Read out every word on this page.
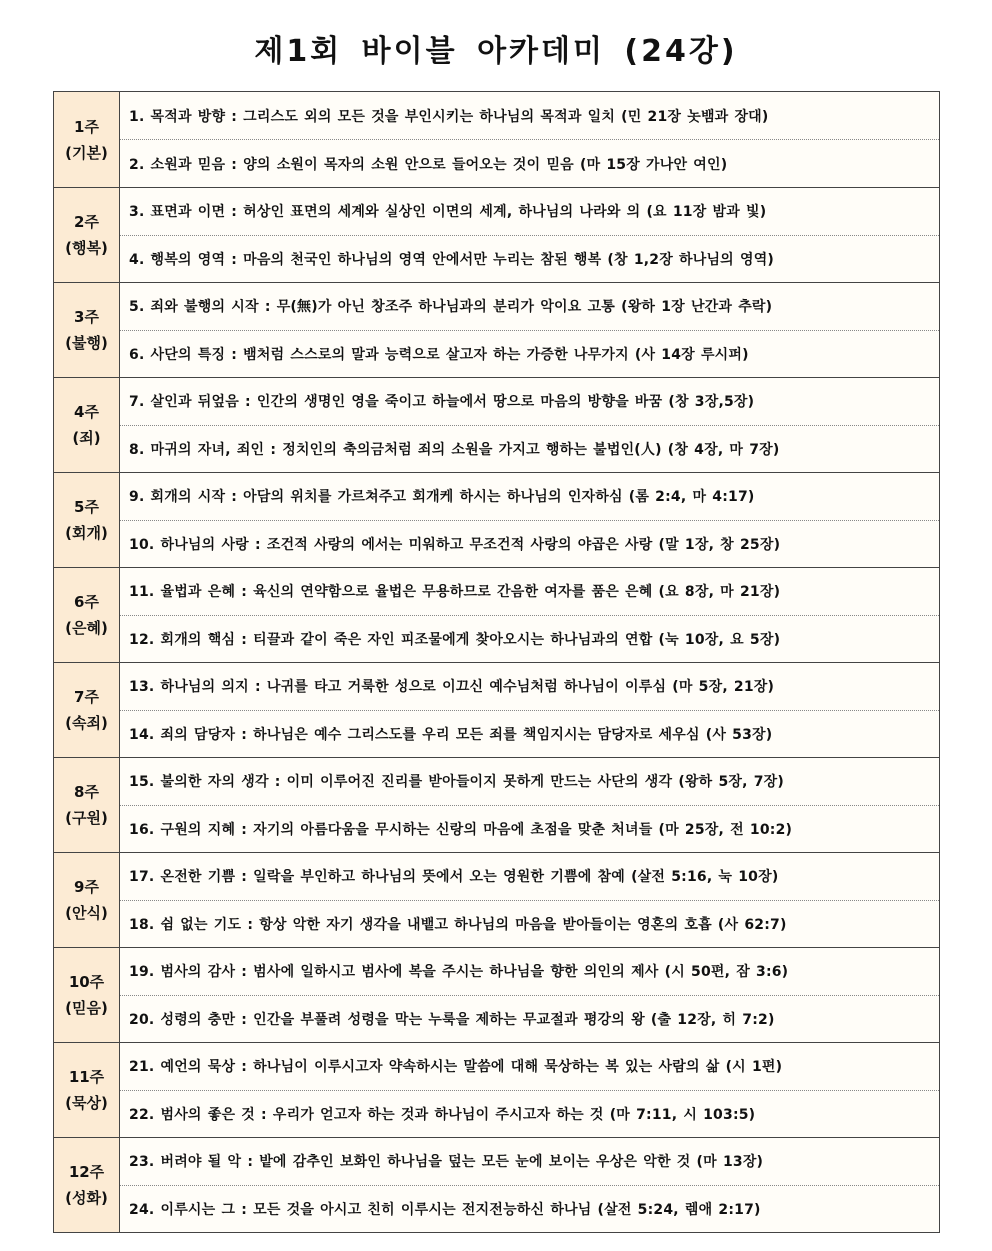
제1회 바이블 아카데미 (24강)
1주
(기본)
1. 목적과 방향 : 그리스도 외의 모든 것을 부인시키는 하나님의 목적과 일치 (민 21장 놋뱀과 장대)
2. 소원과 믿음 : 양의 소원이 목자의 소원 안으로 들어오는 것이 믿음 (마 15장 가나안 여인)
2주
(행복)
3. 표면과 이면 : 허상인 표면의 세계와 실상인 이면의 세계, 하나님의 나라와 의 (요 11장 밤과 빛)
4. 행복의 영역 : 마음의 천국인 하나님의 영역 안에서만 누리는 참된 행복 (창 1,2장 하나님의 영역)
3주
(불행)
5. 죄와 불행의 시작 : 무(無)가 아닌 창조주 하나님과의 분리가 악이요 고통 (왕하 1장 난간과 추락)
6. 사단의 특징 : 뱀처럼 스스로의 말과 능력으로 살고자 하는 가증한 나무가지 (사 14장 루시퍼)
4주
(죄)
7. 살인과 뒤엎음 : 인간의 생명인 영을 죽이고 하늘에서 땅으로 마음의 방향을 바꿈 (창 3장,5장)
8. 마귀의 자녀, 죄인 : 정치인의 축의금처럼 죄의 소원을 가지고 행하는 불법인(人) (창 4장, 마 7장)
5주
(회개)
9. 회개의 시작 : 아담의 위치를 가르쳐주고 회개케 하시는 하나님의 인자하심 (롬 2:4, 마 4:17)
10. 하나님의 사랑 : 조건적 사랑의 에서는 미워하고 무조건적 사랑의 야곱은 사랑 (말 1장, 창 25장)
6주
(은혜)
11. 율법과 은혜 : 육신의 연약함으로 율법은 무용하므로 간음한 여자를 품은 은혜 (요 8장, 마 21장)
12. 회개의 핵심 : 티끌과 같이 죽은 자인 피조물에게 찾아오시는 하나님과의 연합 (눅 10장, 요 5장)
7주
(속죄)
13. 하나님의 의지 : 나귀를 타고 거룩한 성으로 이끄신 예수님처럼 하나님이 이루심 (마 5장, 21장)
14. 죄의 담당자 : 하나님은 예수 그리스도를 우리 모든 죄를 책임지시는 담당자로 세우심 (사 53장)
8주
(구원)
15. 불의한 자의 생각 : 이미 이루어진 진리를 받아들이지 못하게 만드는 사단의 생각 (왕하 5장, 7장)
16. 구원의 지혜 : 자기의 아름다움을 무시하는 신랑의 마음에 초점을 맞춘 처녀들 (마 25장, 전 10:2)
9주
(안식)
17. 온전한 기쁨 : 일락을 부인하고 하나님의 뜻에서 오는 영원한 기쁨에 참예 (살전 5:16, 눅 10장)
18. 쉼 없는 기도 : 항상 악한 자기 생각을 내뱉고 하나님의 마음을 받아들이는 영혼의 호흡 (사 62:7)
10주
(믿음)
19. 범사의 감사 : 범사에 일하시고 범사에 복을 주시는 하나님을 향한 의인의 제사 (시 50편, 잠 3:6)
20. 성령의 충만 : 인간을 부풀려 성령을 막는 누룩을 제하는 무교절과 평강의 왕 (출 12장, 히 7:2)
11주
(묵상)
21. 예언의 묵상 : 하나님이 이루시고자 약속하시는 말씀에 대해 묵상하는 복 있는 사람의 삶 (시 1편)
22. 범사의 좋은 것 : 우리가 얻고자 하는 것과 하나님이 주시고자 하는 것 (마 7:11, 시 103:5)
12주
(성화)
23. 버려야 될 악 : 밭에 감추인 보화인 하나님을 덮는 모든 눈에 보이는 우상은 악한 것 (마 13장)
24. 이루시는 그 : 모든 것을 아시고 친히 이루시는 전지전능하신 하나님 (살전 5:24, 렘애 2:17)
